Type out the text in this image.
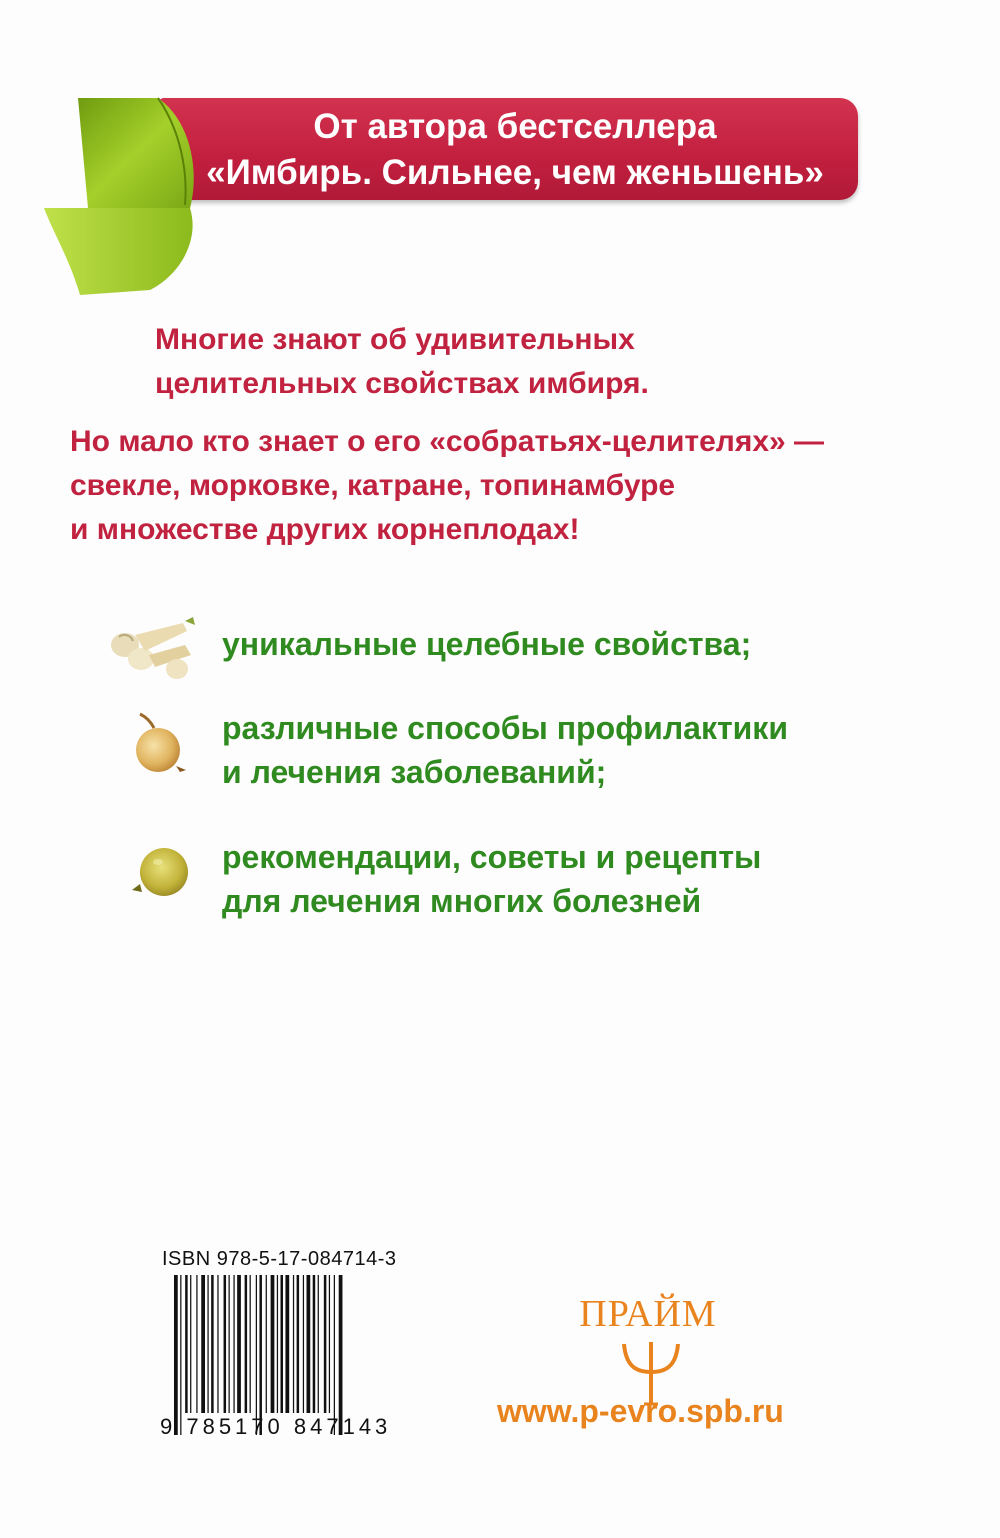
От автора бестселлера
«Имбирь. Сильнее, чем женьшень»
Многие знают об удивительных
целительных свойствах имбиря.
Но мало кто знает о его «собратьях-целителях» —
свекле, морковке, катране, топинамбуре
и множестве других корнеплодах!
уникальные целебные свойства;
различные способы профилактики
и лечения заболеваний;
рекомендации, советы и рецепты
для лечения многих болезней
ISBN 978-5-17-084714-3
9 785170 847143
ПРАЙМ
www.p-evro.spb.ru
